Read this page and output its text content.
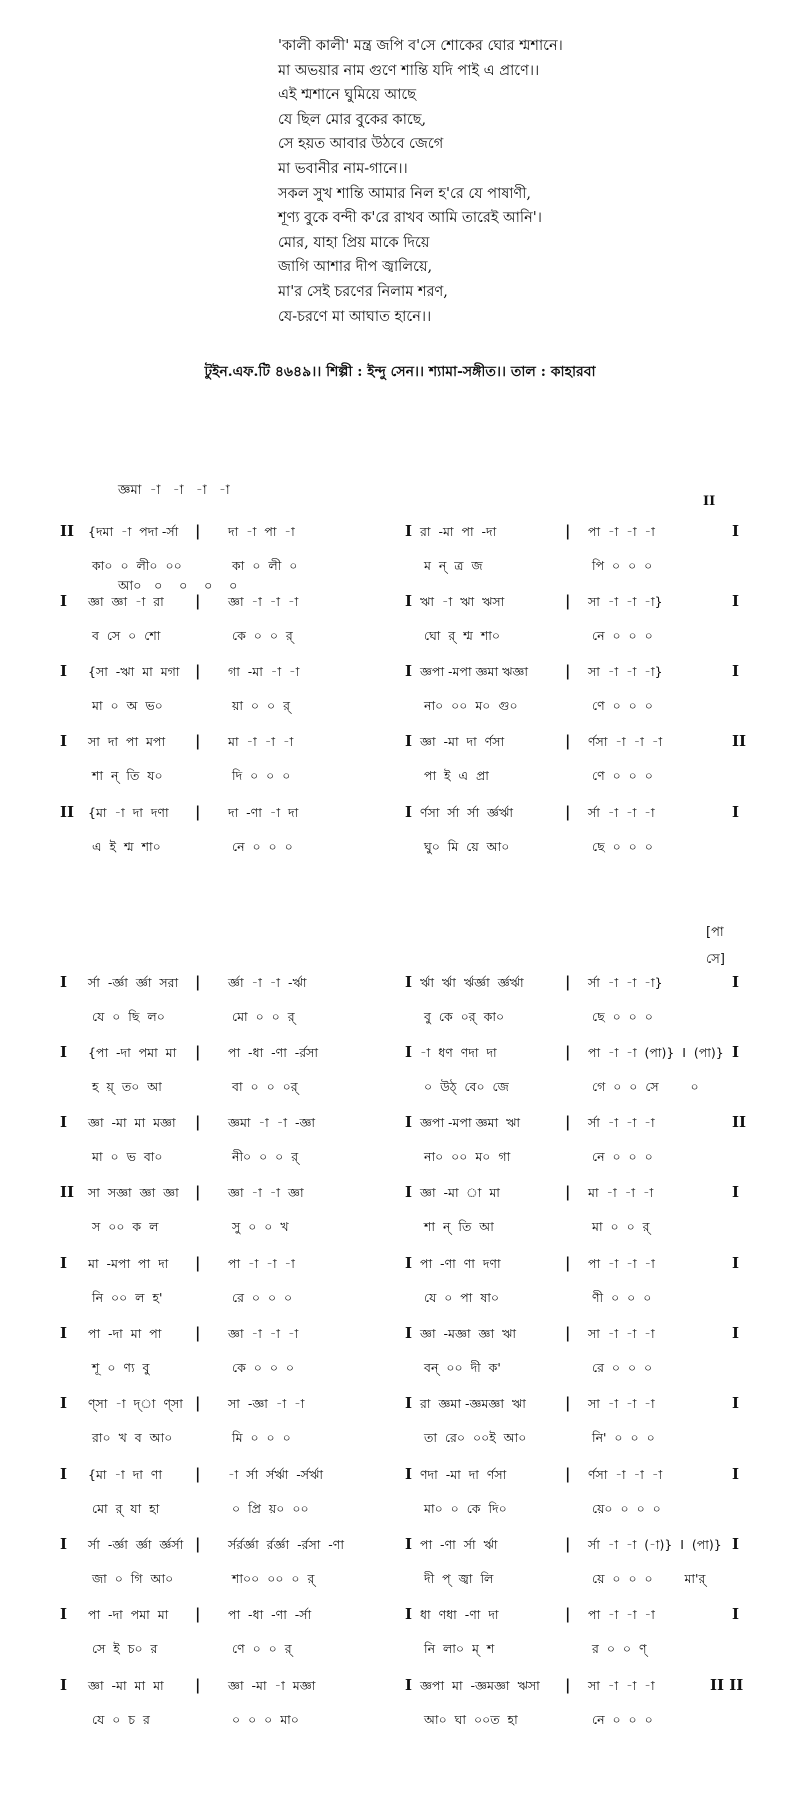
'কালী কালী' মন্ত্র জপি ব'সে শোকের ঘোর শ্মশানে।
মা অভয়ার নাম গুণে শান্তি যদি পাই এ প্রাণে।।
এই শ্মশানে ঘুমিয়ে আছে
যে ছিল মোর বুকের কাছে,
সে হয়ত আবার উঠবে জেগে
মা ভবানীর নাম-গানে।।
সকল সুখ শান্তি আমার নিল হ'রে যে পাষাণী,
শূণ্য বুকে বন্দী ক'রে রাখব আমি তারেই আনি'।
মোর, যাহা প্রিয় মাকে দিয়ে
জাগি আশার দীপ জ্বালিয়ে,
মা'র সেই চরণের নিলাম শরণ,
যে-চরণে মা আঘাত হানে।।
টুইন.এফ.টি ৪৬৪৯।। শিল্পী : ইন্দু সেন।। শ্যামা-সঙ্গীত।। তাল : কাহারবা

জ্ঞমা  -া   -া   -া   -া

আ০   ০    ০    ০    ০

II
[পা
সে]
II {দমা  -া  পদা -র্সা | দা  -া  পা  -া	I রা  -মা  পা  -দা	| পা  -া  -া  -া
কা০  ০  লী০  ০০	কা  ০  লী  ০	ম  ন্  ত্র  জ	পি  ০  ০  ০
I
I জ্ঞা  জ্ঞা  -া  রা | জ্ঞা  -া  -া  -া	I ঋা  -া  ঋা  ঋসা	| সা  -া  -া  -া}
ব  সে  ০  শো	কে  ০  ০  র্	ঘো  র্  শ্ম  শা০	নে  ০  ০  ০
I
I {সা  -ঋা  মা  মগা | গা  -মা  -া  -া	I জ্ঞপা -মপা জ্ঞমা ঋজ্ঞা | সা  -া  -া  -া}
মা  ০  অ  ভ০	য়া  ০  ০  র্	না০  ০০  ম০  গু০	ণে  ০  ০  ০
I
I সা  দা  পা  মপা | মা  -া  -া  -া	I জ্ঞা  -মা  দা  র্ণসা	| র্ণসা  -া  -া  -া
শা  ন্  তি  য০	দি  ০  ০  ০	পা  ই  এ  প্রা	ণে  ০  ০  ০
II
II {মা  -া  দা  দণা | দা  -ণা  -া  দা	I র্ণসা  র্সা  র্সা  র্জ্ঞর্ঋা	| র্সা  -া  -া  -া
এ  ই  শ্ম  শা০	নে  ০  ০  ০	ঘু০  মি  য়ে  আ০	ছে  ০  ০  ০
I
I র্সা  -র্জ্ঞা  র্জ্ঞা  সরা | র্জ্ঞা  -া  -া  -র্ঋা	I র্ঋা  র্ঋা  র্ঋর্জ্ঞা  র্জ্ঞর্ঋা	| র্সা  -া  -া  -া}
যে  ০  ছি  ল০	মো  ০  ০  র্	বু  কে  ০র্  কা০	ছে  ০  ০  ০
I
I {পা  -দা  পমা  মা | পা  -ধা  -ণা  -র্রসা	I -া  ধণ  ণদা  দা	| পা  -া  -া  (পা)}  I  (পা)}
হ  য়্  ত০  আ	বা  ০  ০  ০র্	০  উঠ্  বে০  জে	গে  ০  ০  সে        ০
I
I জ্ঞা  -মা  মা  মজ্ঞা | জ্ঞমা  -া  -া  -জ্ঞা	I জ্ঞপা -মপা জ্ঞমা  ঋা	| র্সা  -া  -া  -া
মা  ০  ভ  বা০	নী০  ০  ০  র্	না০  ০০  ম০  গা	নে  ০  ০  ০
II
II সা  সজ্ঞা  জ্ঞা  জ্ঞা | জ্ঞা  -া  -া  জ্ঞা	I জ্ঞা  -মা  া  মা	| মা  -া  -া  -া
স  ০০  ক  ল	সু  ০  ০  খ	শা  ন্  তি  আ	মা  ০  ০  র্
I
I মা  -মপা  পা  দা | পা  -া  -া  -া	I পা  -ণা  ণা  দণা	| পা  -া  -া  -া
নি  ০০  ল  হ'	রে  ০  ০  ০	যে  ০  পা  ষা০	ণী  ০  ০  ০
I
I পা  -দা  মা  পা | জ্ঞা  -া  -া  -া	I জ্ঞা  -মজ্ঞা  জ্ঞা  ঋা	| সা  -া  -া  -া
শূ  ০  ণ্য  বু	কে  ০  ০  ০	বন্  ০০  দী  ক'	রে  ০  ০  ০
I
I ণ্সা  -া  দ্া  ণ্সা | সা  -জ্ঞা  -া  -া	I রা  জ্ঞমা -জ্ঞমজ্ঞা  ঋা	| সা  -া  -া  -া
রা০  খ  ব  আ০	মি  ০  ০  ০	তা  রে০  ০০ই  আ০	নি'  ০  ০  ০
I
I {মা  -া  দা  ণা | -া  র্সা  র্সর্ঋা  -র্সর্ঋা	I ণদা  -মা  দা  র্ণসা	| র্ণসা  -া  -া  -া
মো  র্  যা  হা	০  প্রি  য়০  ০০	মা০  ০  কে  দি০	য়ে০  ০  ০  ০
I
I র্সা  -র্জ্ঞা  র্জ্ঞা  র্জ্ঞর্সা | র্সর্রর্জ্ঞা  র্রর্জ্ঞা  -র্রসা  -ণা	I পা  -ণা  র্সা  র্ঋা	| র্সা  -া  -া  (-া)}  I  (পা)}
জা  ০  গি  আ০	শা০০  ০০  ০  র্	দী  প্  জ্বা  লি	য়ে  ০  ০  ০        মা'র্
I
I পা  -দা  পমা  মা | পা  -ধা  -ণা  -র্সা	I ধা  ণধা  -ণা  দা	| পা  -া  -া  -া
সে  ই  চ০  র	ণে  ০  ০  র্	নি  লা০  ম্  শ	র  ০  ০  ণ্
I
I জ্ঞা  -মা  মা  মা | জ্ঞা  -মা  -া  মজ্ঞা	I জ্ঞপা  মা  -জ্ঞমজ্ঞা  ঋসা | সা  -া  -া  -া
যে  ০  চ  র	০  ০  ০  মা০	আ০  ঘা  ০০ত  হা	নে  ০  ০  ০
II II
